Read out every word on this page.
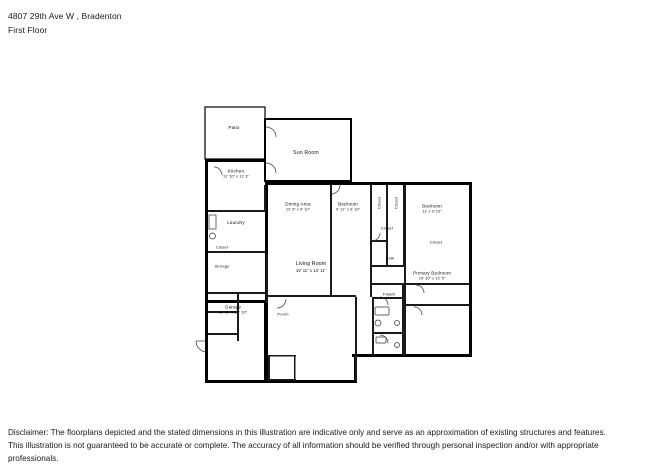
4807 29th Ave W , Bradenton
First Floor
Patio
Sun Room
Kitchen
11' 10" x 11' 3"
Laundry
Closet
Storage
Garage
11' 10" x 28' 10"	Porch
Dining Area
12' 6" x 9' 10"
Living Room
19' 11" x 13' 11"
Bedroom
9' 11" x 9' 10"	Closet	Closet
Closet
Bedroom
11' x 9' 10"
Closet
Bath
P.Bath
Primary Bedroom
10' 10" x 12' 5"
Disclaimer: The floorplans depicted and the stated dimensions in this illustration are indicative only and serve as an approximation of existing structures and features.
This illustration is not guaranteed to be accurate or complete. The accuracy of all information should be verified through personal inspection and/or with appropriate professionals.
